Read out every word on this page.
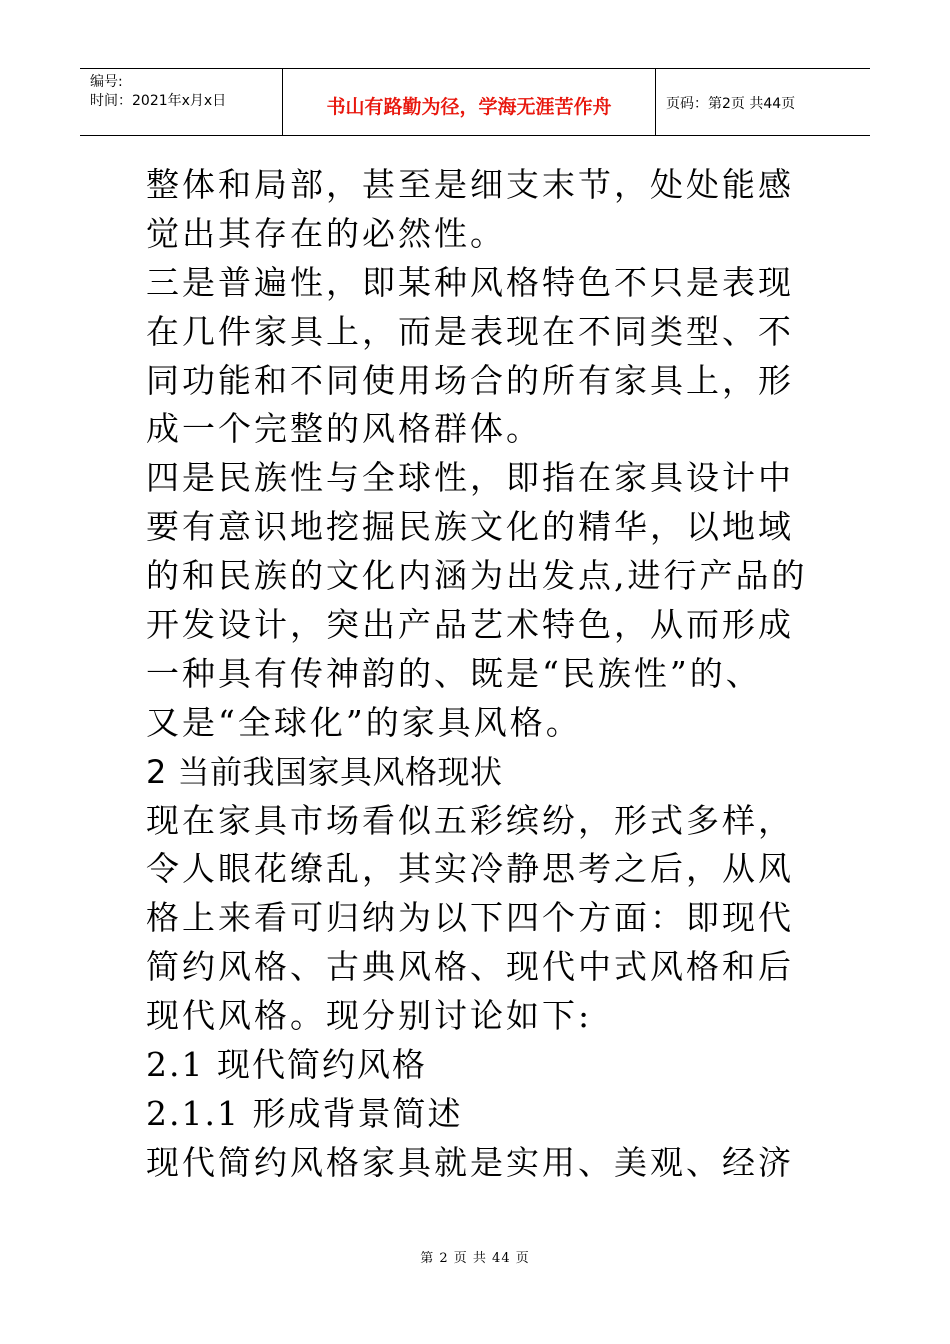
编号:
时间：2021年x月x日	书山有路勤为径，学海无涯苦作舟	页码：第2页 共44页
整体和局部，甚至是细支末节，处处能感
觉出其存在的必然性。
三是普遍性，即某种风格特色不只是表现
在几件家具上，而是表现在不同类型、不
同功能和不同使用场合的所有家具上，形
成一个完整的风格群体。
四是民族性与全球性，即指在家具设计中
要有意识地挖掘民族文化的精华，以地域
的和民族的文化内涵为出发点,进行产品的
开发设计，突出产品艺术特色，从而形成
一种具有传神韵的、既是“民族性”的、
又是“全球化”的家具风格。
2 当前我国家具风格现状
现在家具市场看似五彩缤纷，形式多样，
令人眼花缭乱，其实冷静思考之后，从风
格上来看可归纳为以下四个方面：即现代
简约风格、古典风格、现代中式风格和后
现代风格。现分别讨论如下:
2.1 现代简约风格
2.1.1 形成背景简述
现代简约风格家具就是实用、美观、经济
第 2 页 共 44 页
